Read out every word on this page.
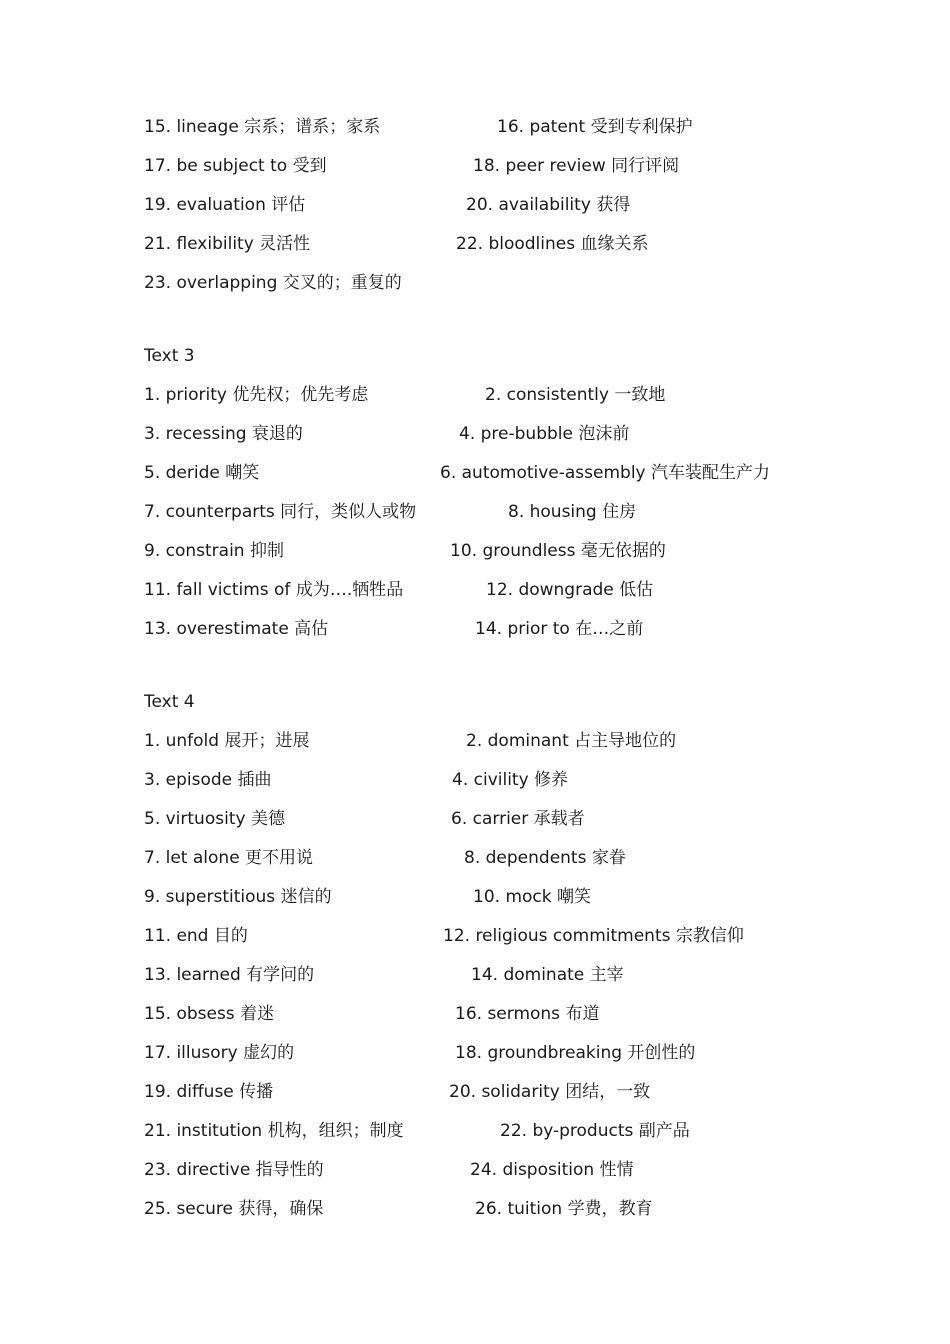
15. lineage 宗系；谱系；家系	16. patent 受到专利保护
17. be subject to 受到	18. peer review 同行评阅
19. evaluation 评估	20. availability 获得
21. flexibility 灵活性	22. bloodlines 血缘关系
23. overlapping 交叉的；重复的
Text 3
1. priority 优先权；优先考虑	2. consistently 一致地
3. recessing 衰退的	4. pre-bubble 泡沫前
5. deride 嘲笑	6. automotive-assembly 汽车装配生产力
7. counterparts 同行，类似人或物	8. housing 住房
9. constrain 抑制	10. groundless 毫无依据的
11. fall victims of 成为….牺牲品	12. downgrade 低估
13. overestimate 高估	14. prior to 在…之前
Text 4
1. unfold 展开；进展	2. dominant 占主导地位的
3. episode 插曲	4. civility 修养
5. virtuosity 美德	6. carrier 承载者
7. let alone 更不用说	8. dependents 家眷
9. superstitious 迷信的	10. mock 嘲笑
11. end 目的	12. religious commitments 宗教信仰
13. learned 有学问的	14. dominate 主宰
15. obsess 着迷	16. sermons 布道
17. illusory 虚幻的	18. groundbreaking 开创性的
19. diffuse 传播	20. solidarity 团结，一致
21. institution 机构，组织；制度	22. by-products 副产品
23. directive 指导性的	24. disposition 性情
25. secure 获得，确保	26. tuition 学费，教育
